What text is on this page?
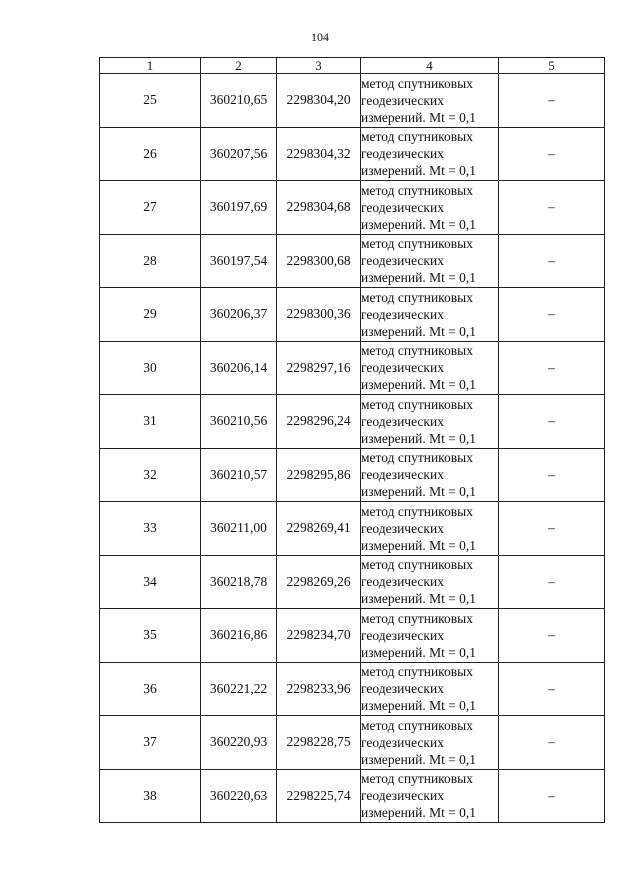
104
1	2	3	4	5
25	360210,65	2298304,20	метод спутниковых
геодезических
измерений. Mt = 0,1	–
26	360207,56	2298304,32	метод спутниковых
геодезических
измерений. Mt = 0,1	–
27	360197,69	2298304,68	метод спутниковых
геодезических
измерений. Mt = 0,1	–
28	360197,54	2298300,68	метод спутниковых
геодезических
измерений. Mt = 0,1	–
29	360206,37	2298300,36	метод спутниковых
геодезических
измерений. Mt = 0,1	–
30	360206,14	2298297,16	метод спутниковых
геодезических
измерений. Mt = 0,1	–
31	360210,56	2298296,24	метод спутниковых
геодезических
измерений. Mt = 0,1	–
32	360210,57	2298295,86	метод спутниковых
геодезических
измерений. Mt = 0,1	–
33	360211,00	2298269,41	метод спутниковых
геодезических
измерений. Mt = 0,1	–
34	360218,78	2298269,26	метод спутниковых
геодезических
измерений. Mt = 0,1	–
35	360216,86	2298234,70	метод спутниковых
геодезических
измерений. Mt = 0,1	–
36	360221,22	2298233,96	метод спутниковых
геодезических
измерений. Mt = 0,1	–
37	360220,93	2298228,75	метод спутниковых
геодезических
измерений. Mt = 0,1	–
38	360220,63	2298225,74	метод спутниковых
геодезических
измерений. Mt = 0,1	–
